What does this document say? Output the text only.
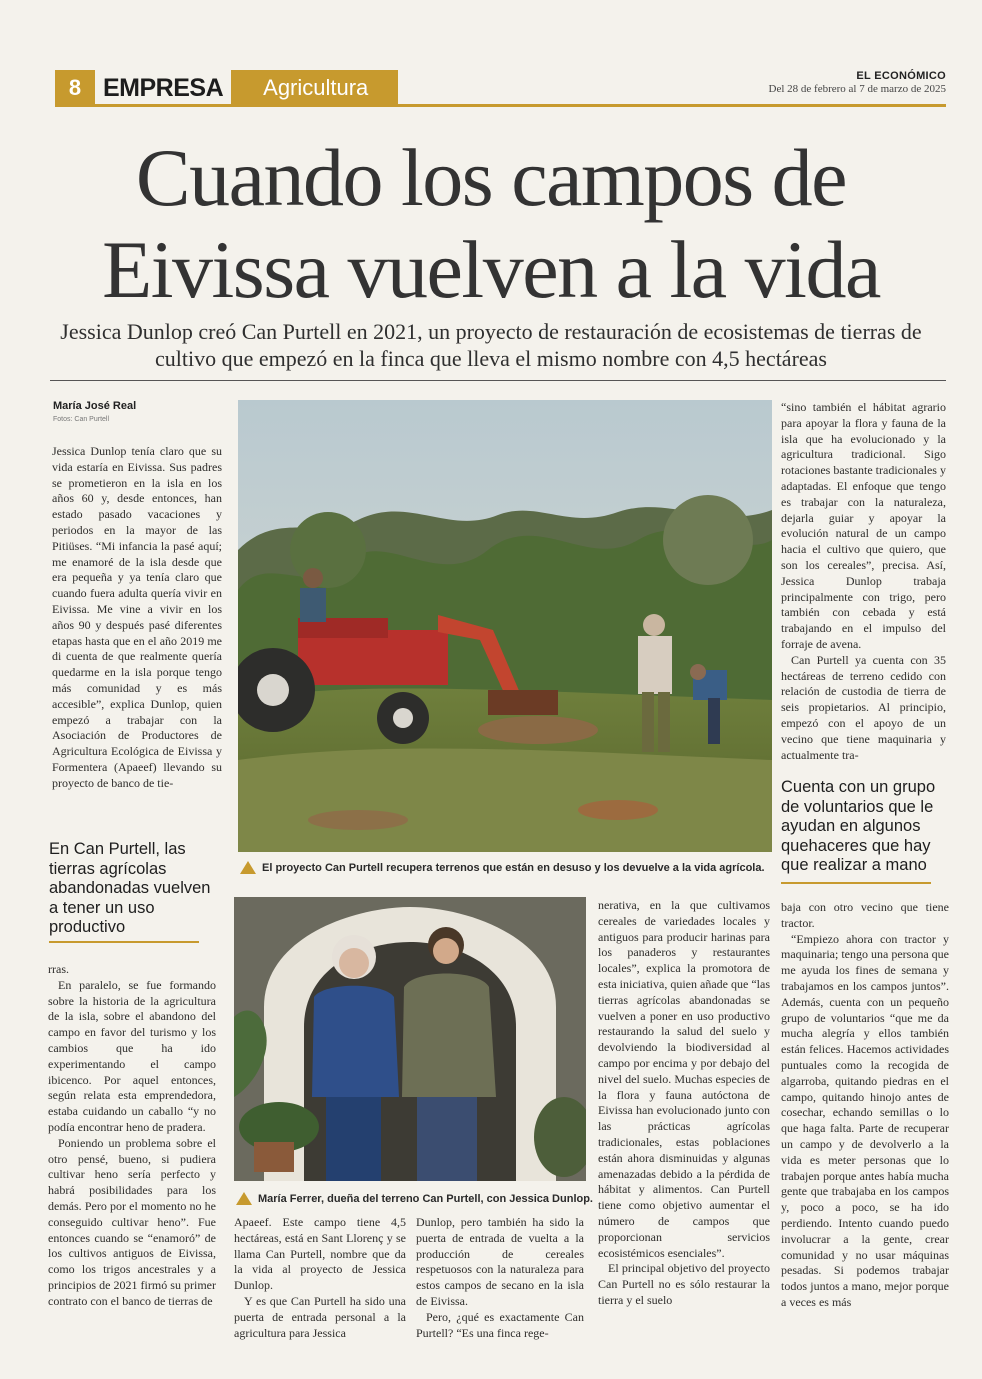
8 EMPRESA	Agricultura	EL ECONÓMICO
Del 28 de febrero al 7 de marzo de 2025
Cuando los campos de
Eivissa vuelven a la vida
Jessica Dunlop creó Can Purtell en 2021, un proyecto de restauración de ecosistemas de tierras de cultivo que empezó en la finca que lleva el mismo nombre con 4,5 hectáreas
María José Real
Fotos: Can Purtell

Jessica Dunlop tenía claro que su vida estaría en Eivissa. Sus padres se prometieron en la isla en los años 60 y, desde entonces, han estado pasado vacaciones y periodos en la mayor de las Pitiüses. “Mi infancia la pasé aquí; me enamoré de la isla desde que era pequeña y ya tenía claro que cuando fuera adulta quería vivir en Eivissa. Me vine a vivir en los años 90 y después pasé diferentes etapas hasta que en el año 2019 me di cuenta de que realmente quería quedarme en la isla porque tengo más comunidad y es más accesible”, explica Dunlop, quien empezó a trabajar con la Asociación de Productores de Agricultura Ecológica de Eivissa y Formentera (Apaeef) llevando su proyecto de banco de tie-

En Can Purtell, las tierras agrícolas abandonadas vuelven a tener un uso productivo

rras.

En paralelo, se fue formando sobre la historia de la agricultura de la isla, sobre el abandono del campo en favor del turismo y los cambios que ha ido experimentando el campo ibicenco. Por aquel entonces, según relata esta emprendedora, estaba cuidando un caballo “y no podía encontrar heno de pradera.

Poniendo un problema sobre el otro pensé, bueno, si pudiera cultivar heno sería perfecto y habrá posibilidades para los demás. Pero por el momento no he conseguido cultivar heno”. Fue entonces cuando se “enamoró” de los cultivos antiguos de Eivissa, como los trigos ancestrales y a principios de 2021 firmó su primer contrato con el banco de tierras de

El proyecto Can Purtell recupera terrenos que están en desuso y los devuelve a la vida agrícola.

“sino también el hábitat agrario para apoyar la flora y fauna de la isla que ha evolucionado y la agricultura tradicional. Sigo rotaciones bastante tradicionales y adaptadas. El enfoque que tengo es trabajar con la naturaleza, dejarla guiar y apoyar la evolución natural de un campo hacia el cultivo que quiero, que son los cereales”, precisa. Así, Jessica Dunlop trabaja principalmente con trigo, pero también con cebada y está trabajando en el impulso del forraje de avena.

Can Purtell ya cuenta con 35 hectáreas de terreno cedido con relación de custodia de tierra de seis propietarios. Al principio, empezó con el apoyo de un vecino que tiene maquinaria y actualmente tra-

Cuenta con un grupo de voluntarios que le ayudan en algunos quehaceres que hay que realizar a mano
María Ferrer, dueña del terreno Can Purtell, con Jessica Dunlop.

Apaeef. Este campo tiene 4,5 hectáreas, está en Sant Llorenç y se llama Can Purtell, nombre que da la vida al proyecto de Jessica Dunlop.

Y es que Can Purtell ha sido una puerta de entrada personal a la agricultura para Jessica

Dunlop, pero también ha sido la puerta de entrada de vuelta a la producción de cereales respetuosos con la naturaleza para estos campos de secano en la isla de Eivissa.

Pero, ¿qué es exactamente Can Purtell? “Es una finca rege-

nerativa, en la que cultivamos cereales de variedades locales y antiguos para producir harinas para los panaderos y restaurantes locales”, explica la promotora de esta iniciativa, quien añade que “las tierras agrícolas abandonadas se vuelven a poner en uso productivo restaurando la salud del suelo y devolviendo la biodiversidad al campo por encima y por debajo del nivel del suelo. Muchas especies de la flora y fauna autóctona de Eivissa han evolucionado junto con las prácticas agrícolas tradicionales, estas poblaciones están ahora disminuidas y algunas amenazadas debido a la pérdida de hábitat y alimentos. Can Purtell tiene como objetivo aumentar el número de campos que proporcionan servicios ecosistémicos esenciales”.

El principal objetivo del proyecto Can Purtell no es sólo restaurar la tierra y el suelo

baja con otro vecino que tiene tractor.

“Empiezo ahora con tractor y maquinaria; tengo una persona que me ayuda los fines de semana y trabajamos en los campos juntos”. Además, cuenta con un pequeño grupo de voluntarios “que me da mucha alegría y ellos también están felices. Hacemos actividades puntuales como la recogida de algarroba, quitando piedras en el campo, quitando hinojo antes de cosechar, echando semillas o lo que haga falta. Parte de recuperar un campo y de devolverlo a la vida es meter personas que lo trabajen porque antes había mucha gente que trabajaba en los campos y, poco a poco, se ha ido perdiendo. Intento cuando puedo involucrar a la gente, crear comunidad y no usar máquinas pesadas. Si podemos trabajar todos juntos a mano, mejor porque a veces es más
